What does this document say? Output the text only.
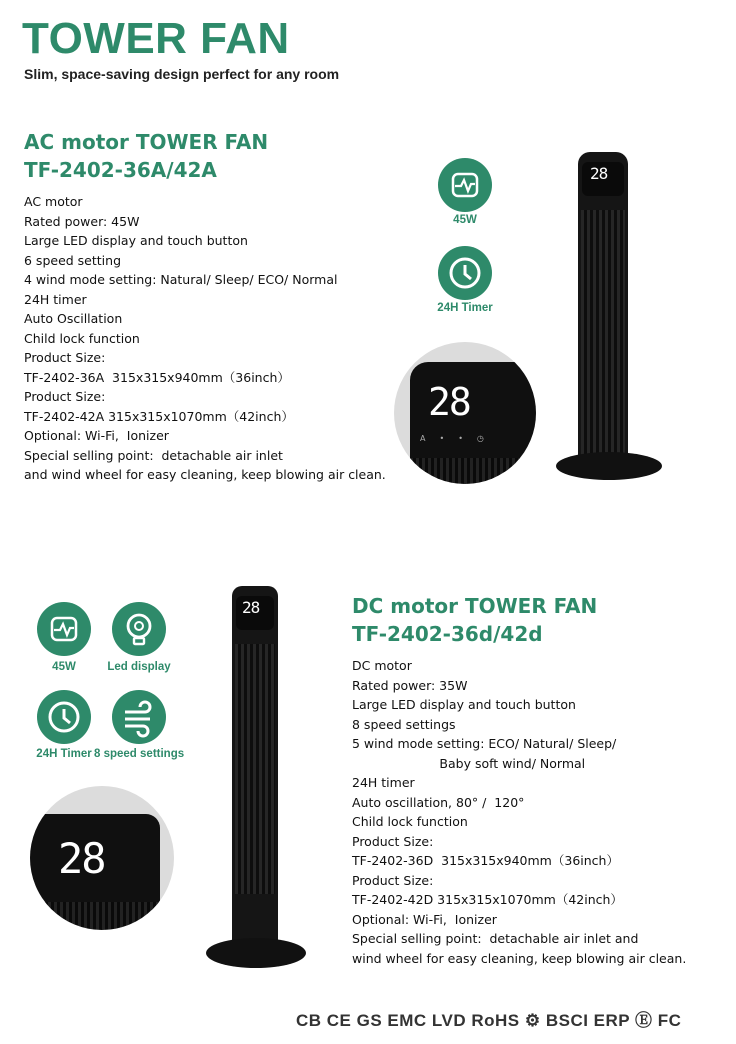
TOWER FAN
Slim, space-saving design perfect for any room
AC motor TOWER FAN
TF-2402-36A/42A
AC motor
Rated power: 45W
Large LED display and touch button
6 speed setting
4 wind mode setting: Natural/ Sleep/ ECO/ Normal
24H timer
Auto Oscillation
Child lock function
Product Size:
TF-2402-36A  315x315x940mm（36inch）
Product Size:
TF-2402-42A 315x315x1070mm（42inch）
Optional: Wi-Fi,  Ionizer
Special selling point:  detachable air inlet
and wind wheel for easy cleaning, keep blowing air clean.
45W
24H Timer
28
A••◷
28
45W	Led display
24H Timer 8 speed settings
28
28	DC motor TOWER FAN
TF-2402-36d/42d
DC motor
Rated power: 35W
Large LED display and touch button
8 speed settings
5 wind mode setting: ECO/ Natural/ Sleep/
Baby soft wind/ Normal
24H timer
Auto oscillation, 80° /  120°
Child lock function
Product Size:
TF-2402-36D  315x315x940mm（36inch）
Product Size:
TF-2402-42D 315x315x1070mm（42inch）
Optional: Wi-Fi,  Ionizer
Special selling point:  detachable air inlet and
wind wheel for easy cleaning, keep blowing air clean.
CB CE GS EMC LVD RoHS ⚙ BSCI ERP Ⓔ FC
